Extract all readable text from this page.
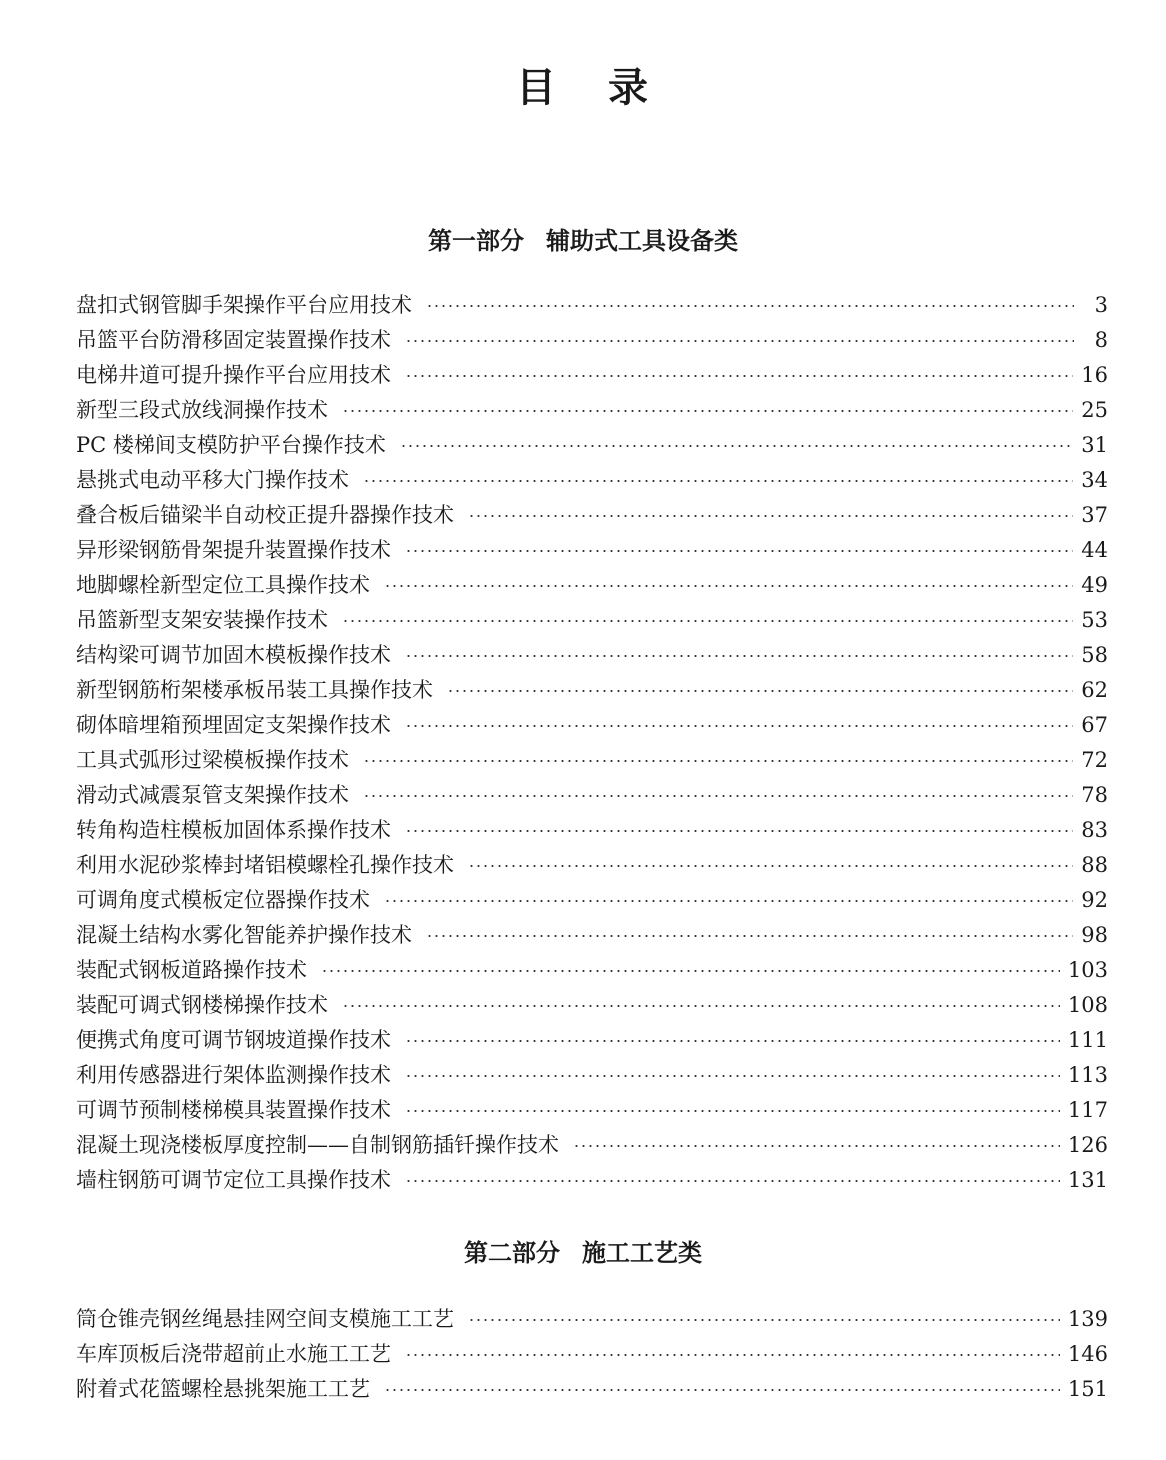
目 录
第一部分 辅助式工具设备类
盘扣式钢管脚手架操作平台应用技术	3
吊篮平台防滑移固定装置操作技术	8
电梯井道可提升操作平台应用技术	16
新型三段式放线洞操作技术	25
PC 楼梯间支模防护平台操作技术	31
悬挑式电动平移大门操作技术	34
叠合板后锚梁半自动校正提升器操作技术	37
异形梁钢筋骨架提升装置操作技术	44
地脚螺栓新型定位工具操作技术	49
吊篮新型支架安装操作技术	53
结构梁可调节加固木模板操作技术	58
新型钢筋桁架楼承板吊装工具操作技术	62
砌体暗埋箱预埋固定支架操作技术	67
工具式弧形过梁模板操作技术	72
滑动式减震泵管支架操作技术	78
转角构造柱模板加固体系操作技术	83
利用水泥砂浆棒封堵铝模螺栓孔操作技术	88
可调角度式模板定位器操作技术	92
混凝土结构水雾化智能养护操作技术	98
装配式钢板道路操作技术	103
装配可调式钢楼梯操作技术	108
便携式角度可调节钢坡道操作技术	111
利用传感器进行架体监测操作技术	113
可调节预制楼梯模具装置操作技术	117
混凝土现浇楼板厚度控制——自制钢筋插钎操作技术	126
墙柱钢筋可调节定位工具操作技术	131
第二部分 施工工艺类
筒仓锥壳钢丝绳悬挂网空间支模施工工艺	139
车库顶板后浇带超前止水施工工艺	146
附着式花篮螺栓悬挑架施工工艺	151
